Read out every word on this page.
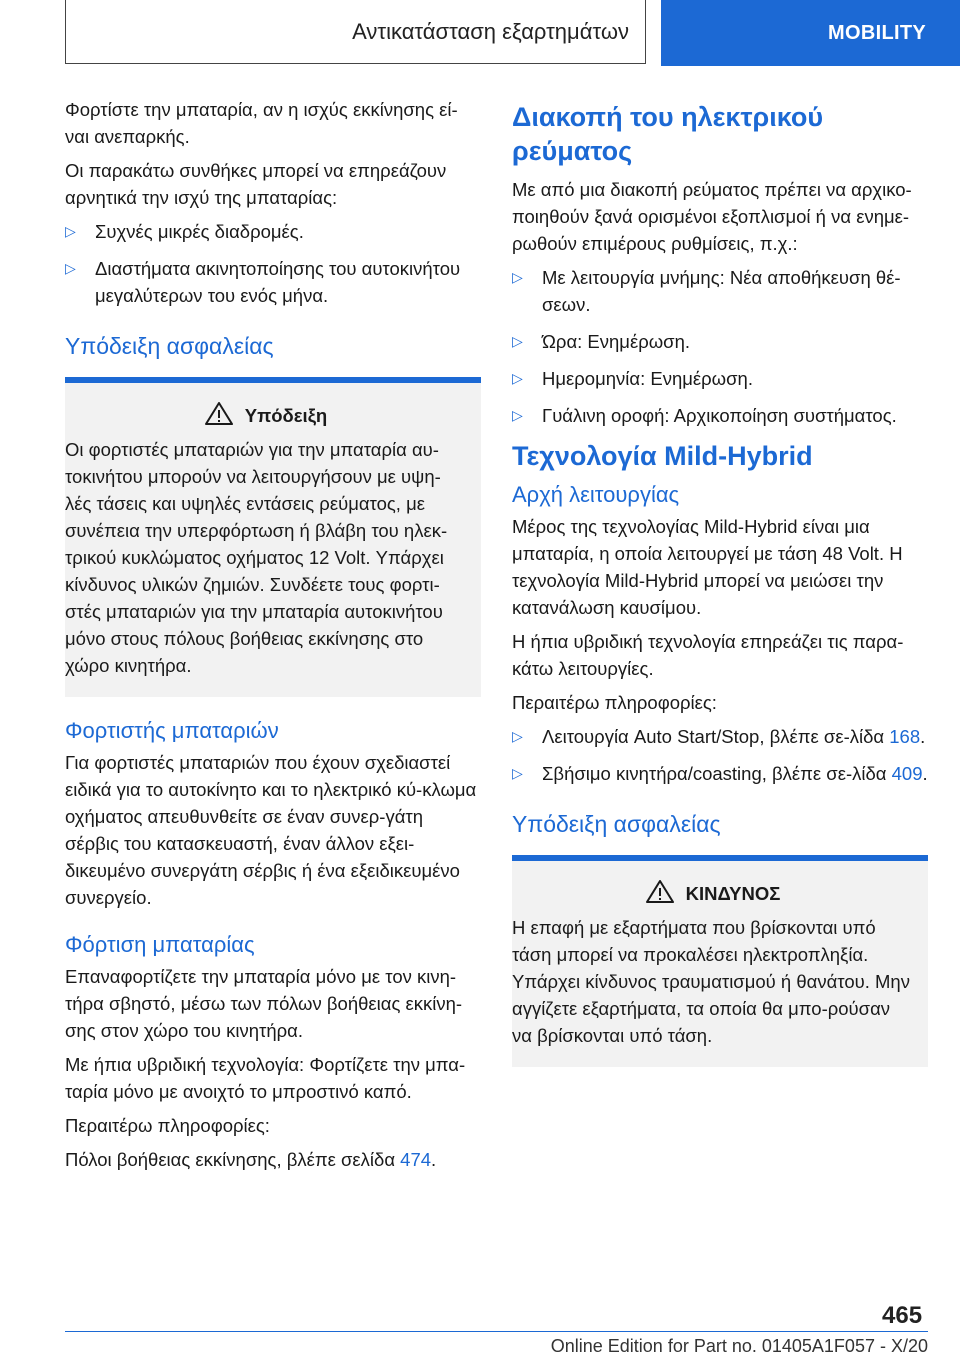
Αντικατάσταση εξαρτημάτων	MOBILITY

Φορτίστε την μπαταρία, αν η ισχύς εκκίνησης εί-ναι ανεπαρκής.

Οι παρακάτω συνθήκες μπορεί να επηρεάζουν αρνητικά την ισχύ της μπαταρίας:

▷ Συχνές μικρές διαδρομές.
▷ Διαστήματα ακινητοποίησης του αυτοκινήτου μεγαλύτερων του ενός μήνα.
Υπόδειξη ασφαλείας
Υπόδειξη

Οι φορτιστές μπαταριών για την μπαταρία αυ-τοκινήτου μπορούν να λειτουργήσουν με υψη-λές τάσεις και υψηλές εντάσεις ρεύματος, με συνέπεια την υπερφόρτωση ή βλάβη του ηλεκ-τρικού κυκλώματος οχήματος 12 Volt. Υπάρχει κίνδυνος υλικών ζημιών. Συνδέετε τους φορτι-στές μπαταριών για την μπαταρία αυτοκινήτου μόνο στους πόλους βοήθειας εκκίνησης στο χώρο κινητήρα.

Φορτιστής μπαταριών

Για φορτιστές μπαταριών που έχουν σχεδιαστεί ειδικά για το αυτοκίνητο και το ηλεκτρικό κύ-κλωμα οχήματος απευθυνθείτε σε έναν συνερ-γάτη σέρβις του κατασκευαστή, έναν άλλον εξει-δικευμένο συνεργάτη σέρβις ή ένα εξειδικευμένο συνεργείο.

Φόρτιση μπαταρίας

Επαναφορτίζετε την μπαταρία μόνο με τον κινη-τήρα σβηστό, μέσω των πόλων βοήθειας εκκίνη-σης στον χώρο του κινητήρα.

Με ήπια υβριδική τεχνολογία: Φορτίζετε την μπα-ταρία μόνο με ανοιχτό το μπροστινό καπό.

Περαιτέρω πληροφορίες:

Πόλοι βοήθειας εκκίνησης, βλέπε σελίδα 474.

Διακοπή του ηλεκτρικού ρεύματος

Με από μια διακοπή ρεύματος πρέπει να αρχικο-ποιηθούν ξανά ορισμένοι εξοπλισμοί ή να ενημε-ρωθούν επιμέρους ρυθμίσεις, π.χ.:

▷ Με λειτουργία μνήμης: Νέα αποθήκευση θέ-σεων.
▷ Ώρα: Ενημέρωση.
▷ Ημερομηνία: Ενημέρωση.
▷ Γυάλινη οροφή: Αρχικοποίηση συστήματος.
Τεχνολογία Mild-Hybrid
Αρχή λειτουργίας

Μέρος της τεχνολογίας Mild-Hybrid είναι μια μπαταρία, η οποία λειτουργεί με τάση 48 Volt. Η τεχνολογία Mild-Hybrid μπορεί να μειώσει την κατανάλωση καυσίμου.

Η ήπια υβριδική τεχνολογία επηρεάζει τις παρα-κάτω λειτουργίες.

Περαιτέρω πληροφορίες:

▷ Λειτουργία Auto Start/Stop, βλέπε σε-λίδα 168.
▷ Σβήσιμο κινητήρα/coasting, βλέπε σε-λίδα 409.
Υπόδειξη ασφαλείας
ΚΙΝΔΥΝΟΣ

Η επαφή με εξαρτήματα που βρίσκονται υπό τάση μπορεί να προκαλέσει ηλεκτροπληξία. Υπάρχει κίνδυνος τραυματισμού ή θανάτου. Μην αγγίζετε εξαρτήματα, τα οποία θα μπο-ρούσαν να βρίσκονται υπό τάση.

465
Online Edition for Part no. 01405A1F057 - X/20
